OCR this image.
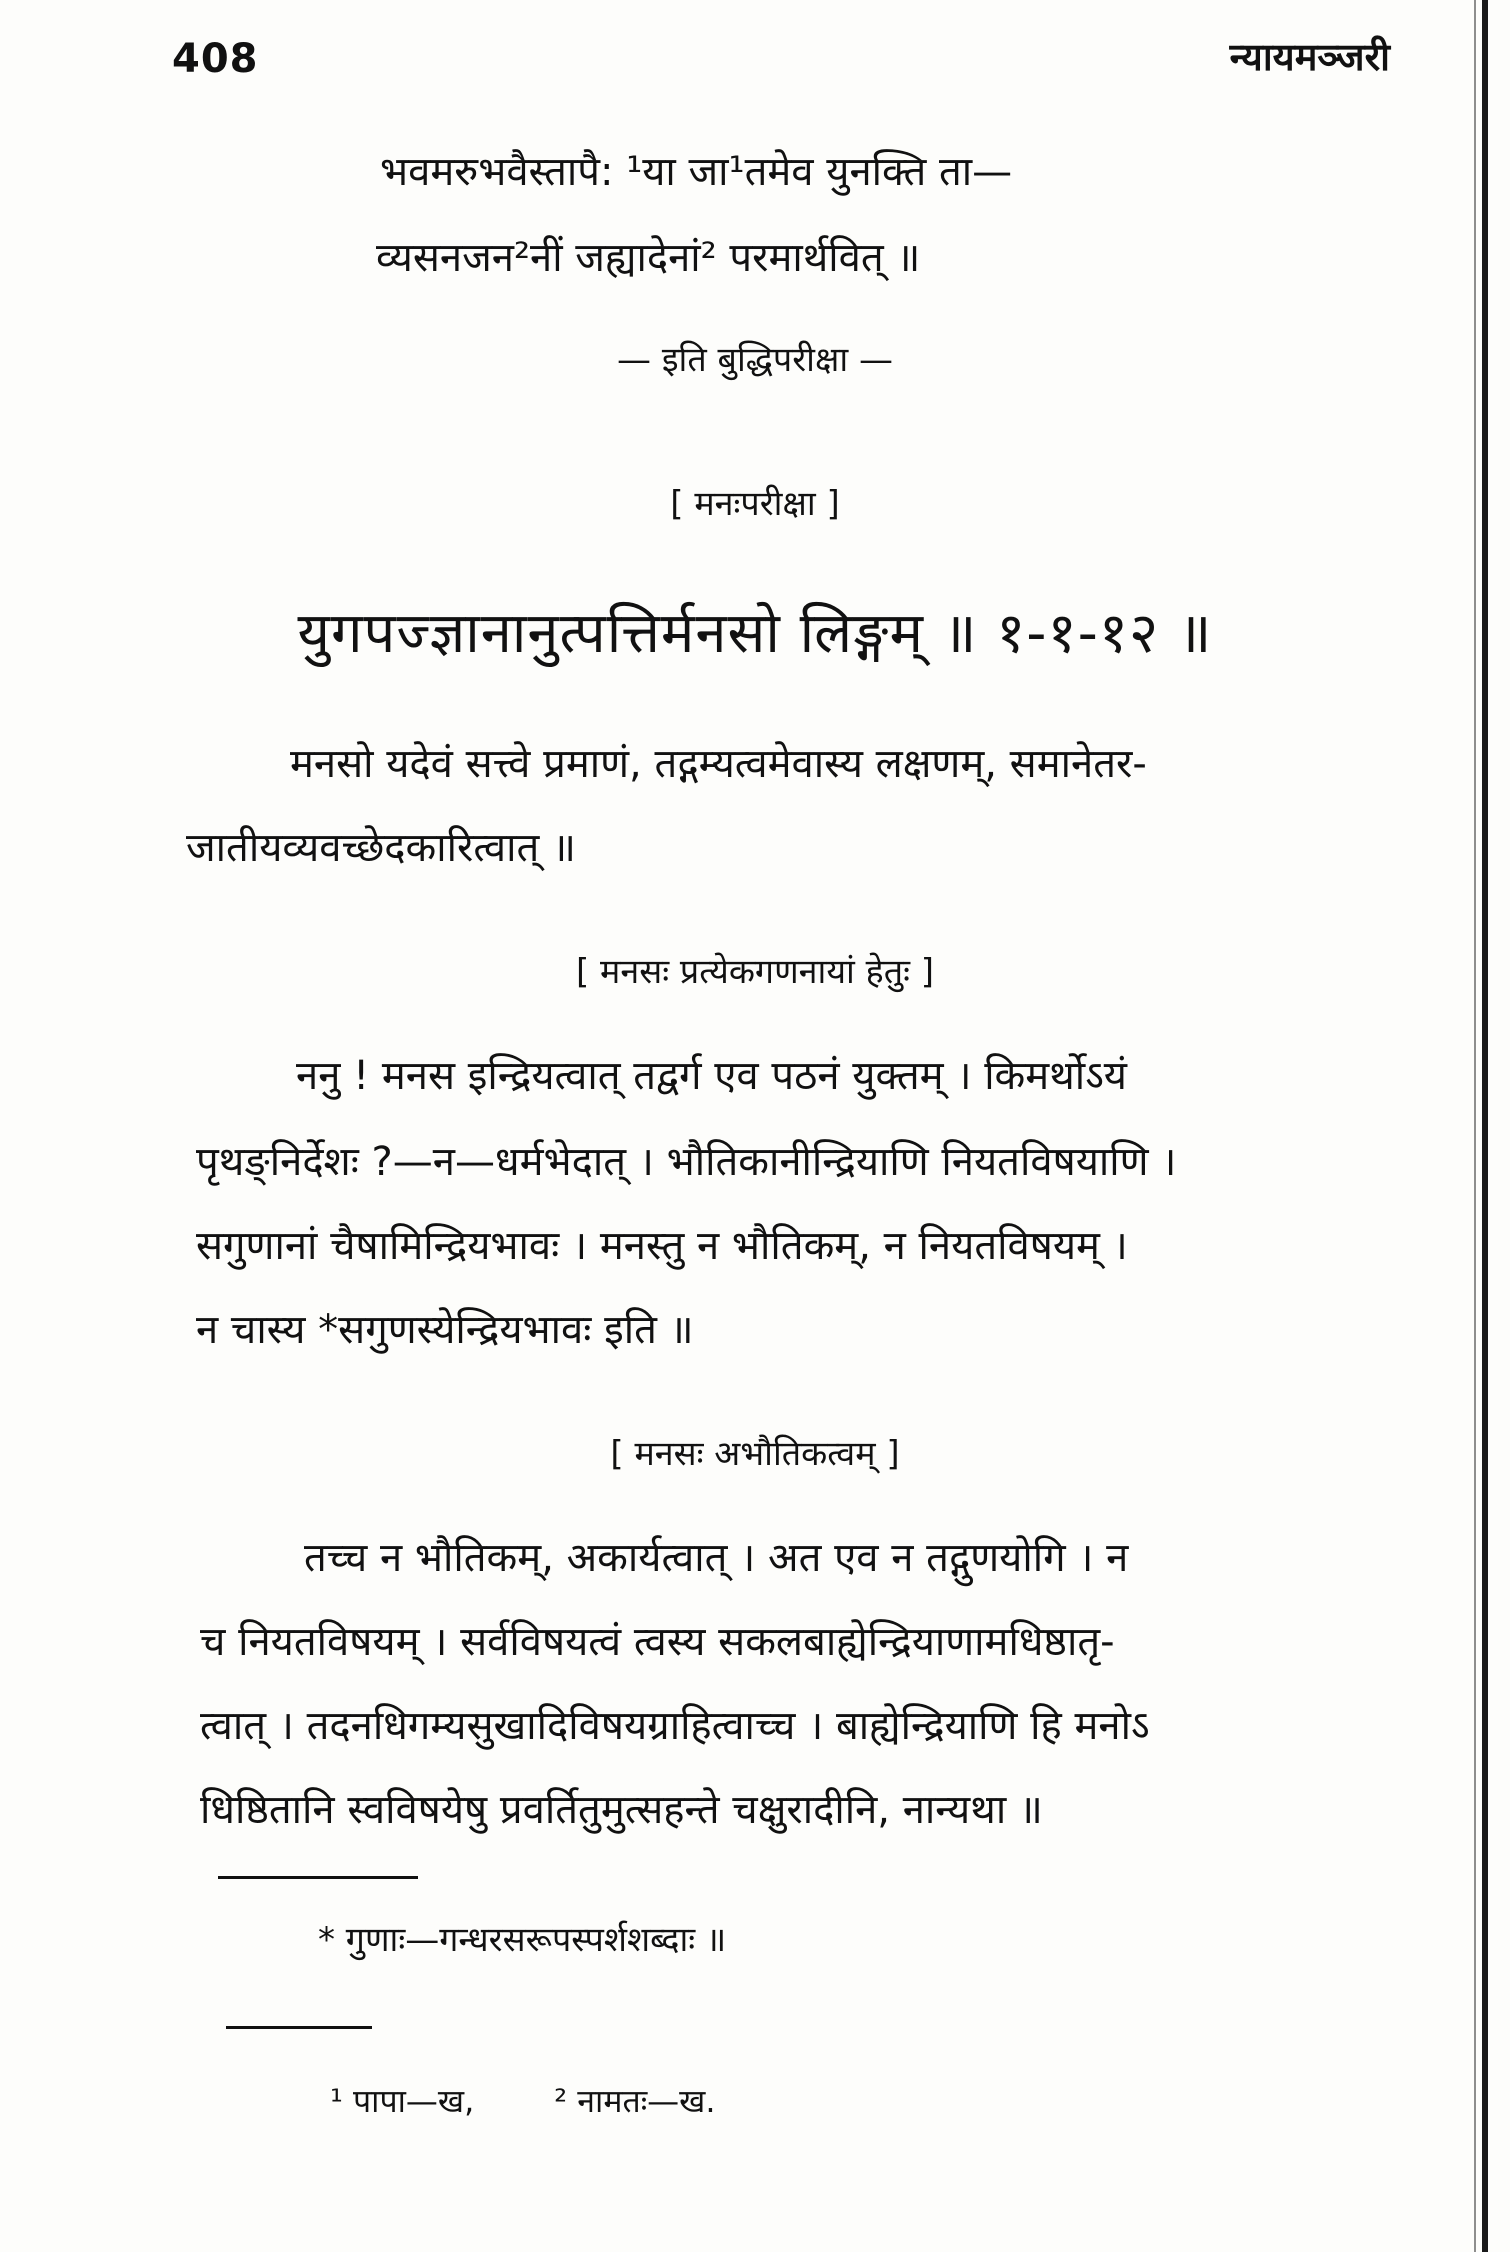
408	न्यायमञ्जरी
भवमरुभवैस्तापै: ¹या जा¹तमेव युनक्ति ता—
व्यसनजन²नीं जह्यादेनां² परमार्थवित् ॥
— इति बुद्धिपरीक्षा —
[ मनःपरीक्षा ]
युगपज्ज्ञानानुत्पत्तिर्मनसो लिङ्गम् ॥ १-१-१२ ॥
मनसो यदेवं सत्त्वे प्रमाणं, तद्गम्यत्वमेवास्य लक्षणम्, समानेतर-
जातीयव्यवच्छेदकारित्वात् ॥
[ मनसः प्रत्येकगणनायां हेतुः ]
ननु ! मनस इन्द्रियत्वात् तद्वर्ग एव पठनं युक्तम् । किमर्थोऽयं
पृथङ्निर्देशः ?—न—धर्मभेदात् । भौतिकानीन्द्रियाणि नियतविषयाणि ।
सगुणानां चैषामिन्द्रियभावः । मनस्तु न भौतिकम्, न नियतविषयम् ।
न चास्य *सगुणस्येन्द्रियभावः इति ॥
[ मनसः अभौतिकत्वम् ]
तच्च न भौतिकम्, अकार्यत्वात् । अत एव न तद्गुणयोगि । न
च नियतविषयम् । सर्वविषयत्वं त्वस्य सकलबाह्येन्द्रियाणामधिष्ठातृ-
त्वात् । तदनधिगम्यसुखादिविषयग्राहित्वाच्च । बाह्येन्द्रियाणि हि मनोऽ
धिष्ठितानि स्वविषयेषु प्रवर्तितुमुत्सहन्ते चक्षुरादीनि, नान्यथा ॥
* गुणाः—गन्धरसरूपस्पर्शशब्दाः ॥
¹ पापा—ख,	² नामतः—ख.
